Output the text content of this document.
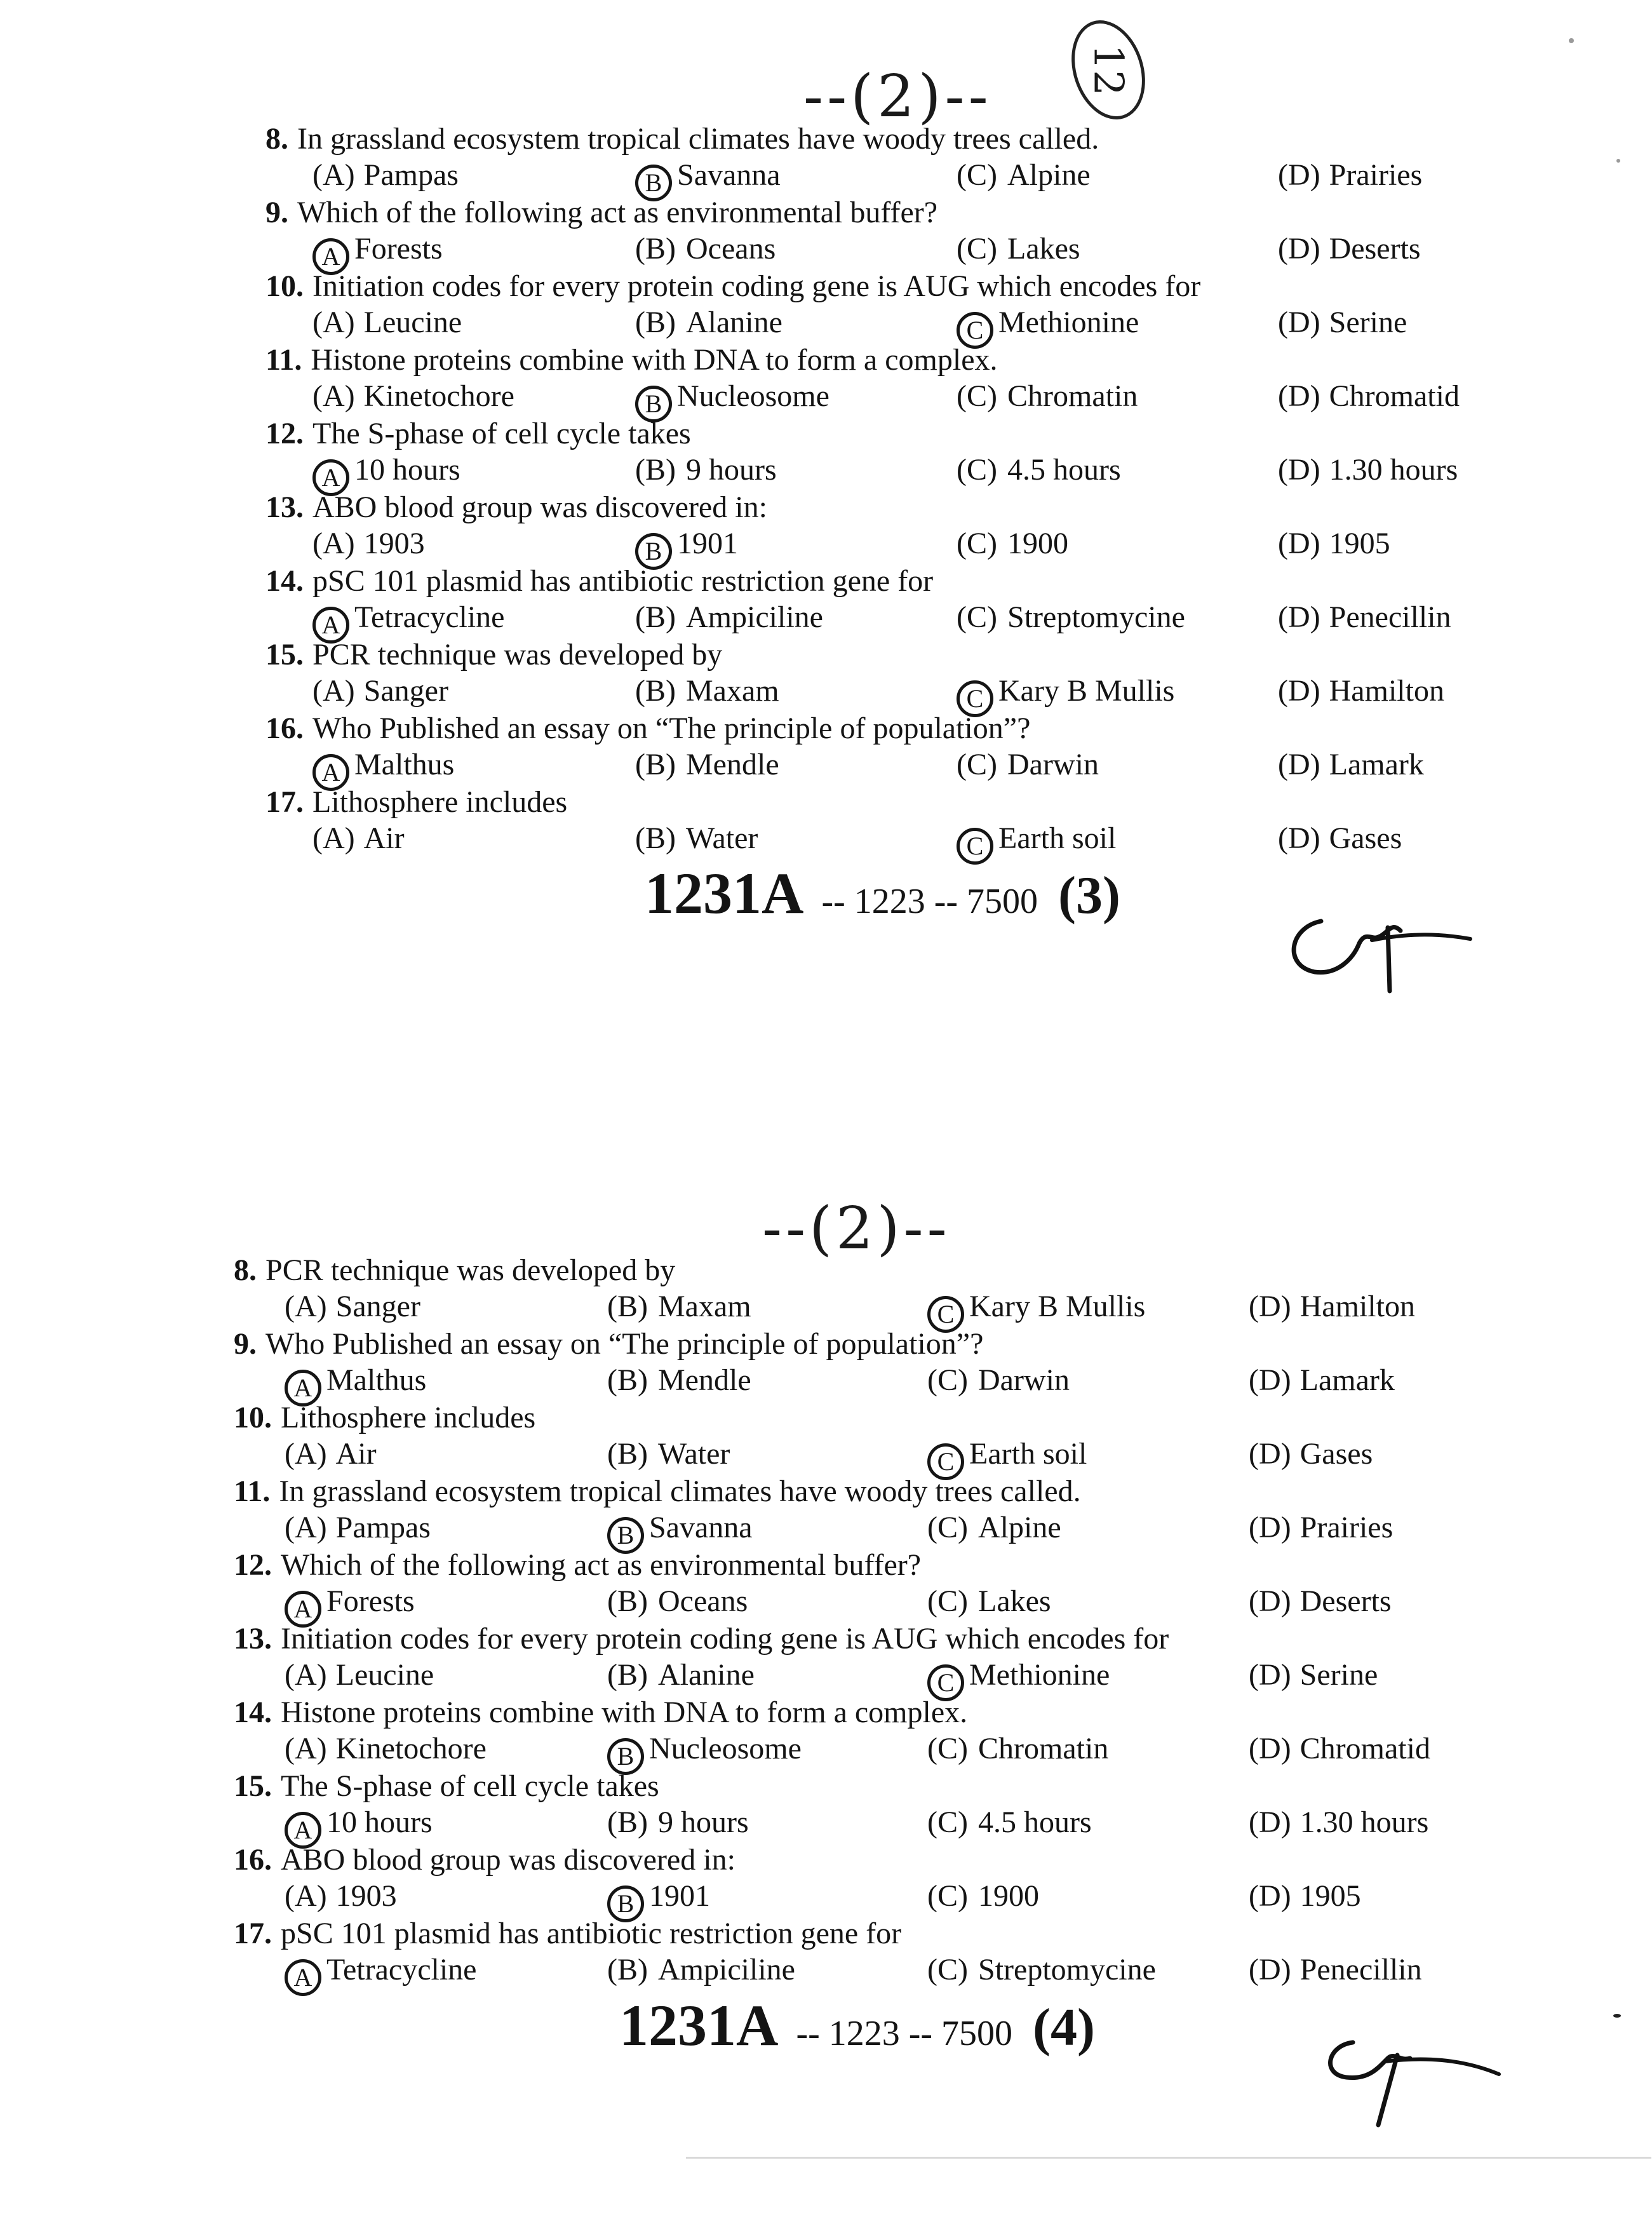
--(2)-- 12
8. In grassland ecosystem tropical climates have woody trees called.
(A) Pampas	B Savanna	(C) Alpine	(D) Prairies
9. Which of the following act as environmental buffer?
A Forests	(B) Oceans	(C) Lakes	(D) Deserts
10. Initiation codes for every protein coding gene is AUG which encodes for
(A) Leucine	(B) Alanine	C Methionine	(D) Serine
11. Histone proteins combine with DNA to form a complex.
(A) Kinetochore	B Nucleosome	(C) Chromatin	(D) Chromatid
12. The S-phase of cell cycle takes
A 10 hours	(B) 9 hours	(C) 4.5 hours	(D) 1.30 hours
13. ABO blood group was discovered in:
(A) 1903	B 1901	(C) 1900	(D) 1905
14. pSC 101 plasmid has antibiotic restriction gene for
A Tetracycline	(B) Ampiciline	(C) Streptomycine	(D) Penecillin
15. PCR technique was developed by
(A) Sanger	(B) Maxam	C Kary B Mullis	(D) Hamilton
16. Who Published an essay on “The principle of population”?
A Malthus	(B) Mendle	(C) Darwin	(D) Lamark
17. Lithosphere includes
(A) Air	(B) Water	C Earth soil	(D) Gases
1231A -- 1223 -- 7500 (3)
--(2)--
8. PCR technique was developed by
(A) Sanger	(B) Maxam	C Kary B Mullis	(D) Hamilton
9. Who Published an essay on “The principle of population”?
A Malthus	(B) Mendle	(C) Darwin	(D) Lamark
10. Lithosphere includes
(A) Air	(B) Water	C Earth soil	(D) Gases
11. In grassland ecosystem tropical climates have woody trees called.
(A) Pampas	B Savanna	(C) Alpine	(D) Prairies
12. Which of the following act as environmental buffer?
A Forests	(B) Oceans	(C) Lakes	(D) Deserts
13. Initiation codes for every protein coding gene is AUG which encodes for
(A) Leucine	(B) Alanine	C Methionine	(D) Serine
14. Histone proteins combine with DNA to form a complex.
(A) Kinetochore	B Nucleosome	(C) Chromatin	(D) Chromatid
15. The S-phase of cell cycle takes
A 10 hours	(B) 9 hours	(C) 4.5 hours	(D) 1.30 hours
16. ABO blood group was discovered in:
(A) 1903	B 1901	(C) 1900	(D) 1905
17. pSC 101 plasmid has antibiotic restriction gene for
A Tetracycline	(B) Ampiciline	(C) Streptomycine	(D) Penecillin
1231A -- 1223 -- 7500 (4)
